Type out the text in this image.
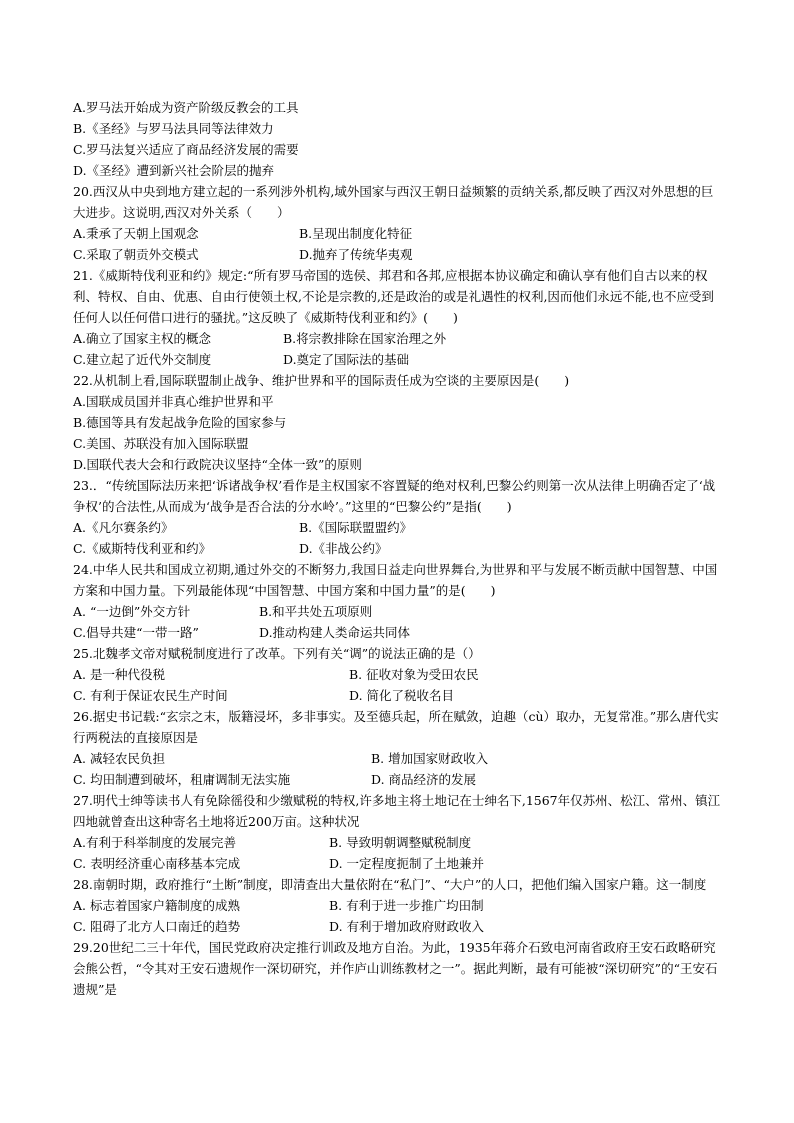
A.罗马法开始成为资产阶级反教会的工具
B.《圣经》与罗马法具同等法律效力
C.罗马法复兴适应了商品经济发展的需要
D.《圣经》遭到新兴社会阶层的抛弃
20.西汉从中央到地方建立起的一系列涉外机构,域外国家与西汉王朝日益频繁的贡纳关系,都反映了西汉对外思想的巨大进步。这说明,西汉对外关系（　　）
A.秉承了天朝上国观念	B.呈现出制度化特征
C.采取了朝贡外交模式	D.抛弃了传统华夷观
21.《威斯特伐利亚和约》规定:“所有罗马帝国的选侯、邦君和各邦,应根据本协议确定和确认享有他们自古以来的权利、特权、自由、优惠、自由行使领土权,不论是宗教的,还是政治的或是礼遇性的权利,因而他们永远不能,也不应受到任何人以任何借口进行的骚扰。”这反映了《威斯特伐利亚和约》(　　)
A.确立了国家主权的概念	B.将宗教排除在国家治理之外
C.建立起了近代外交制度	D.奠定了国际法的基础
22.从机制上看,国际联盟制止战争、维护世界和平的国际责任成为空谈的主要原因是(　　)
A.国联成员国并非真心维护世界和平
B.德国等具有发起战争危险的国家参与
C.美国、苏联没有加入国际联盟
D.国联代表大会和行政院决议坚持“全体一致”的原则
23.．“传统国际法历来把‘诉诸战争权’看作是主权国家不容置疑的绝对权利,巴黎公约则第一次从法律上明确否定了‘战争权’的合法性,从而成为‘战争是否合法的分水岭’。”这里的“巴黎公约”是指(　　)
A.《凡尔赛条约》	B.《国际联盟盟约》
C.《威斯特伐利亚和约》	D.《非战公约》
24.中华人民共和国成立初期,通过外交的不断努力,我国日益走向世界舞台,为世界和平与发展不断贡献中国智慧、中国方案和中国力量。下列最能体现“中国智慧、中国方案和中国力量”的是(　　)
A. “一边倒”外交方针	B.和平共处五项原则
C.倡导共建“一带一路”	D.推动构建人类命运共同体
25.北魏孝文帝对赋税制度进行了改革。下列有关“调”的说法正确的是（）
A. 是一种代役税	B. 征收对象为受田农民
C. 有利于保证农民生产时间	D. 简化了税收名目
26.据史书记载:“玄宗之末，版籍浸坏，多非事实。及至德兵起，所在赋敛，迫趣（cù）取办，无复常准。”那么唐代实行两税法的直接原因是
A. 减轻农民负担	B. 增加国家财政收入
C. 均田制遭到破坏，租庸调制无法实施	D. 商品经济的发展
27.明代士绅等读书人有免除徭役和少缴赋税的特权,许多地主将土地记在士绅名下,1567年仅苏州、松江、常州、镇江四地就曾查出这种寄名土地将近200万亩。这种状况
A.有利于科举制度的发展完善	B. 导致明朝调整赋税制度
C. 表明经济重心南移基本完成	D. 一定程度扼制了土地兼并
28.南朝时期，政府推行“土断”制度，即清查出大量依附在“私门”、“大户”的人口，把他们编入国家户籍。这一制度
A. 标志着国家户籍制度的成熟	B. 有利于进一步推广均田制
C. 阻碍了北方人口南迁的趋势	D. 有利于增加政府财政收入
29.20世纪二三十年代，国民党政府决定推行训政及地方自治。为此，1935年蒋介石致电河南省政府王安石政略研究会熊公哲，“令其对王安石遗规作一深切研究，并作庐山训练教材之一”。据此判断，最有可能被“深切研究”的“王安石遗规”是
